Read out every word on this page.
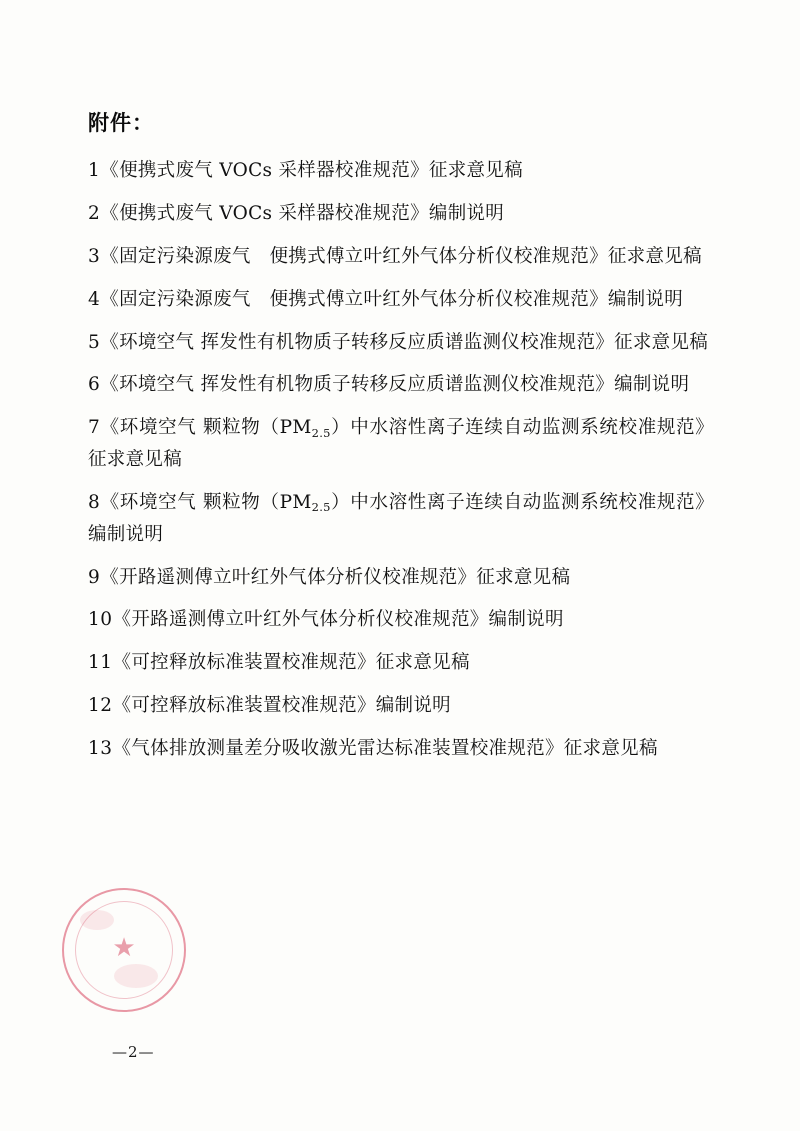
附件：

1《便携式废气 VOCs 采样器校准规范》征求意见稿

2《便携式废气 VOCs 采样器校准规范》编制说明

3《固定污染源废气　便携式傅立叶红外气体分析仪校准规范》征求意见稿

4《固定污染源废气　便携式傅立叶红外气体分析仪校准规范》编制说明

5《环境空气 挥发性有机物质子转移反应质谱监测仪校准规范》征求意见稿

6《环境空气 挥发性有机物质子转移反应质谱监测仪校准规范》编制说明

7《环境空气 颗粒物$(PM_{2.5})$中水溶性离子连续自动监测系统校准规范》征求意见稿

8《环境空气 颗粒物$(PM_{2.5})$中水溶性离子连续自动监测系统校准规范》编制说明

9《开路遥测傅立叶红外气体分析仪校准规范》征求意见稿

10《开路遥测傅立叶红外气体分析仪校准规范》编制说明

11《可控释放标准装置校准规范》征求意见稿

12《可控释放标准装置校准规范》编制说明

13《气体排放测量差分吸收激光雷达标准装置校准规范》征求意见稿

★
—2—
